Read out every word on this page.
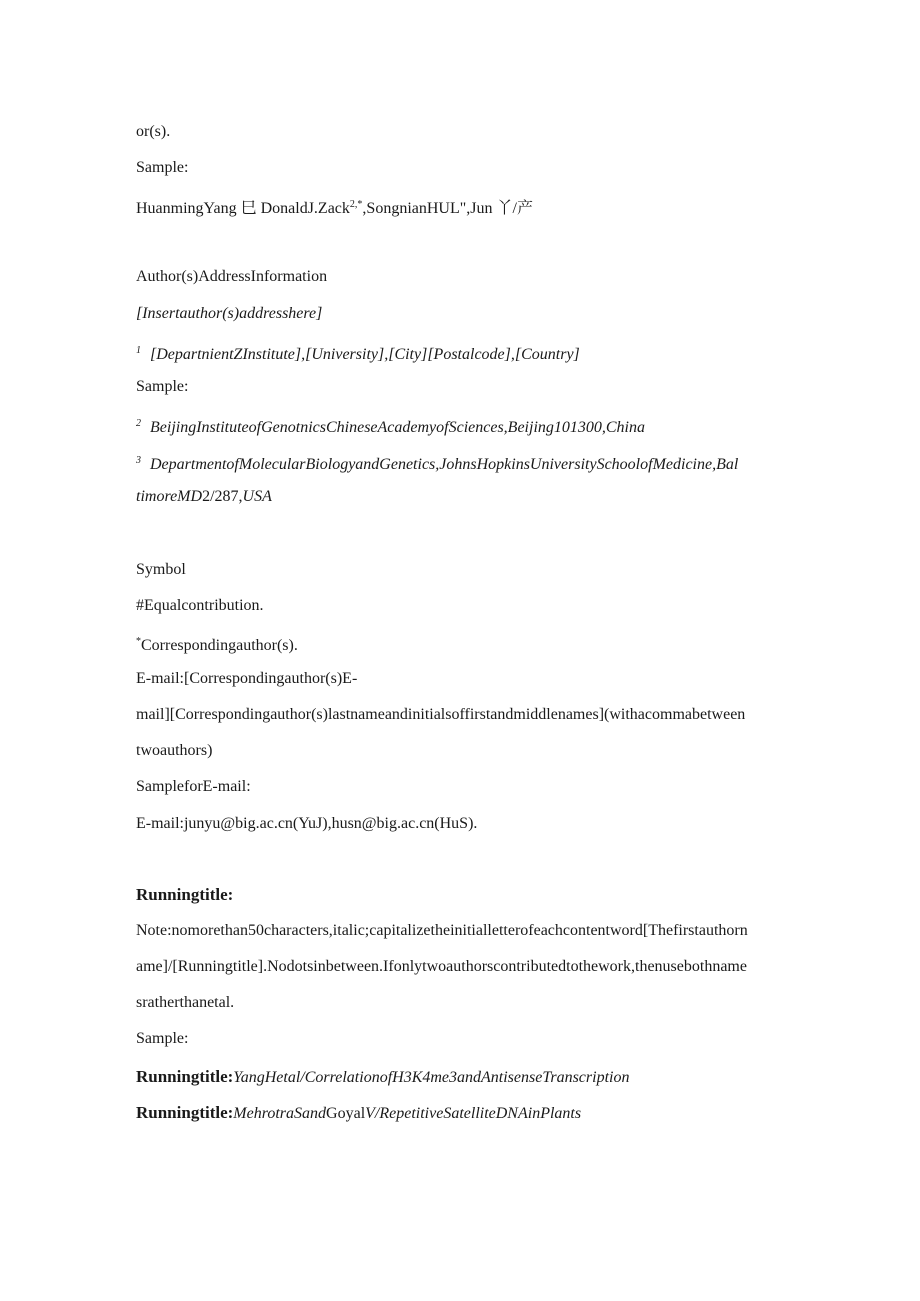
or(s).
Sample:
HuanmingYang 巳 DonaldJ.Zack$^{2,*}$,SongnianHUL",Jun 丫/产
Author(s)AddressInformation
[Insertauthor(s)addresshere]
$^1$ [DepartnientZInstitute],[University],[City][Postalcode],[Country]
Sample:
$^2$ BeijingInstituteofGenotnicsChineseAcademyofSciences,Beijing101300,China
$^3$ DepartmentofMolecularBiologyandGenetics,JohnsHopkinsUniversitySchoolofMedicine,Bal
timoreMD2/287,USA
Symbol
#Equalcontribution.
*Correspondingauthor(s).
E-mail:[Correspondingauthor(s)E-
mail][Correspondingauthor(s)lastnameandinitialsoffirstandmiddlenames](withacommabetween
twoauthors)
SampleforE-mail:
E-mail:junyu@big.ac.cn(YuJ),husn@big.ac.cn(HuS).
Runningtitle:
Note:nomorethan50characters,italic;capitalizetheinitialletterofeachcontentword[Thefirstauthorn
ame]/[Runningtitle].Nodotsinbetween.Ifonlytwoauthorscontributedtothework,thenusebothname
sratherthanetal.
Sample:
Runningtitle:YangHetal/CorrelationofH3K4me3andAntisenseTranscription
Runningtitle:MehrotraSandGoyalV/RepetitiveSatelliteDNAinPlants
